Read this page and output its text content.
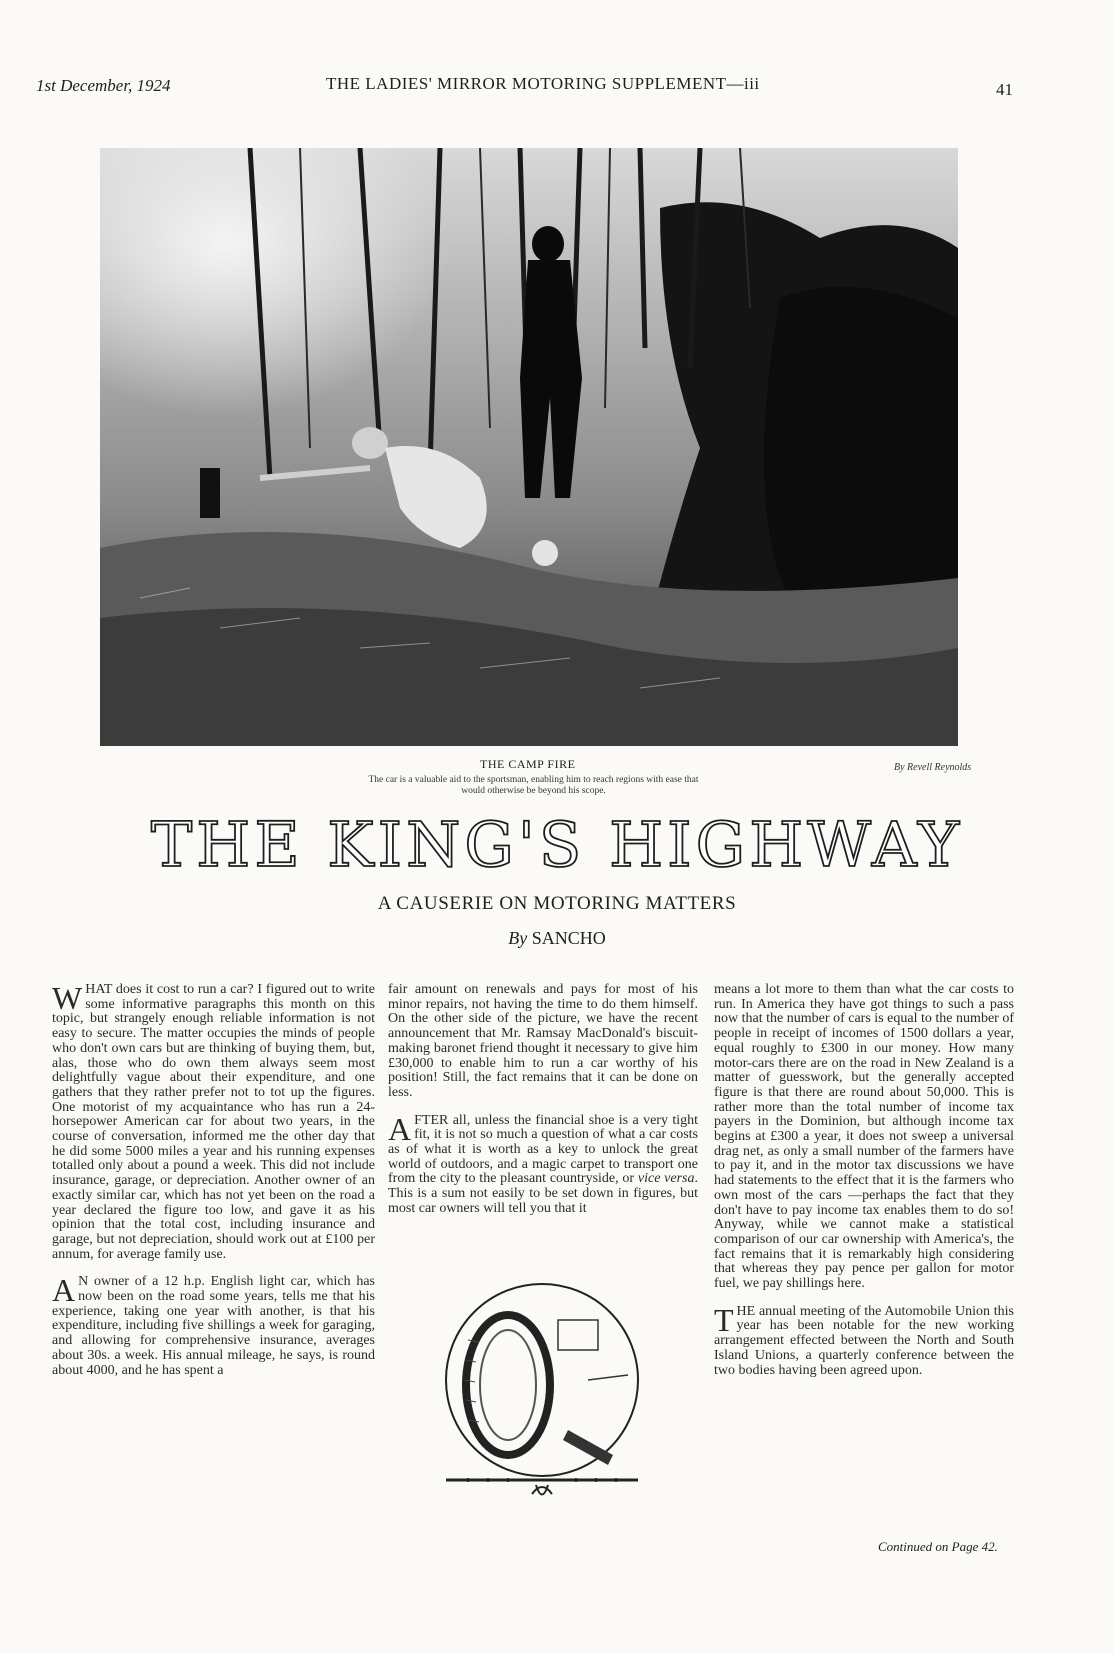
1st December, 1924	THE LADIES' MIRROR MOTORING SUPPLEMENT—iii	41
THE CAMP FIRE
The car is a valuable aid to the sportsman, enabling him to reach regions with ease that would otherwise be beyond his scope.
By Revell Reynolds
THE KING'S HIGHWAY
A CAUSERIE ON MOTORING MATTERS
By SANCHO

WHAT does it cost to run a car? I figured out to write some informative paragraphs this month on this topic, but strangely enough reliable information is not easy to secure. The matter occupies the minds of people who don't own cars but are thinking of buying them, but, alas, those who do own them always seem most delightfully vague about their expenditure, and one gathers that they rather prefer not to tot up the figures. One motorist of my acquaintance who has run a 24-horsepower American car for about two years, in the course of conversation, informed me the other day that he did some 5000 miles a year and his running expenses totalled only about a pound a week. This did not include insurance, garage, or depreciation. Another owner of an exactly similar car, which has not yet been on the road a year declared the figure too low, and gave it as his opinion that the total cost, including insurance and garage, but not depreciation, should work out at £100 per annum, for average family use.

A N owner of a 12 h.p. English light car, which has now been on the road some years, tells me that his experience, taking one year with another, is that his expenditure, including five shillings a week for garaging, and allowing for comprehensive insurance, averages about 30s. a week. His annual mileage, he says, is round about 4000, and he has spent a

fair amount on renewals and pays for most of his minor repairs, not having the time to do them himself. On the other side of the picture, we have the recent announcement that Mr. Ramsay MacDonald's biscuit-making baronet friend thought it necessary to give him £30,000 to enable him to run a car worthy of his position! Still, the fact remains that it can be done on less.

AFTER all, unless the financial shoe is a very tight fit, it is not so much a question of what a car costs as of what it is worth as a key to unlock the great world of outdoors, and a magic carpet to transport one from the city to the pleasant countryside, or vice versa. This is a sum not easily to be set down in figures, but most car owners will tell you that it

means a lot more to them than what the car costs to run. In America they have got things to such a pass now that the number of cars is equal to the number of people in receipt of incomes of 1500 dollars a year, equal roughly to £300 in our money. How many motor-cars there are on the road in New Zealand is a matter of guesswork, but the generally accepted figure is that there are round about 50,000. This is rather more than the total number of income tax payers in the Dominion, but although income tax begins at £300 a year, it does not sweep a universal drag net, as only a small number of the farmers have to pay it, and in the motor tax discussions we have had statements to the effect that it is the farmers who own most of the cars —perhaps the fact that they don't have to pay income tax enables them to do so! Anyway, while we cannot make a statistical comparison of our car ownership with America's, the fact remains that it is remarkably high considering that whereas they pay pence per gallon for motor fuel, we pay shillings here.

THE annual meeting of the Automobile Union this year has been notable for the new working arrangement effected between the North and South Island Unions, a quarterly conference between the two bodies having been agreed upon.

Continued on Page 42.
